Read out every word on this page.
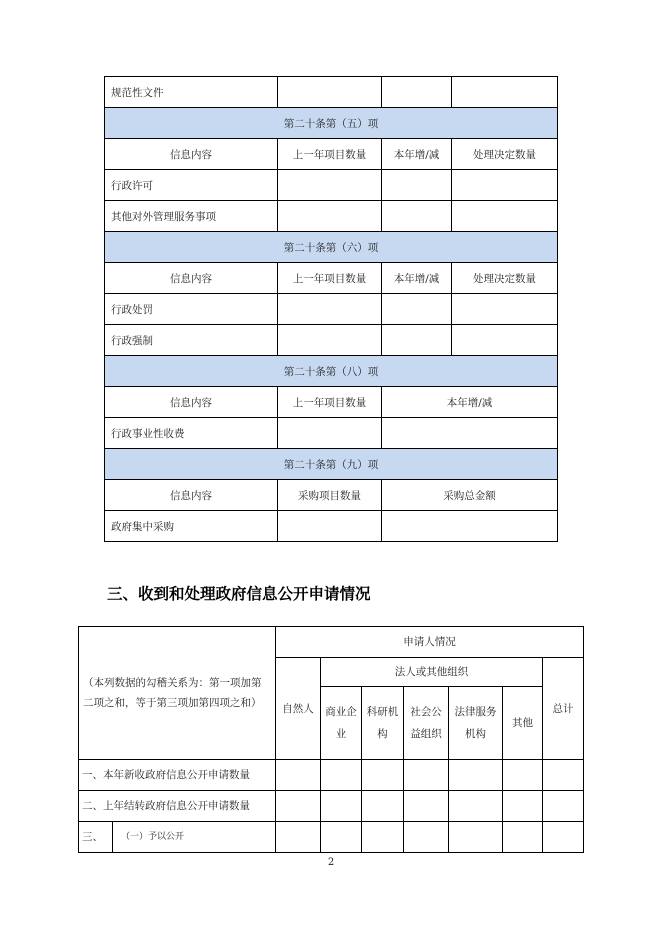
规范性文件			
第二十条第（五）项			
信息内容	上一年项目数量	本年增/减	处理决定数量
行政许可			
其他对外管理服务事项			
第二十条第（六）项			
信息内容	上一年项目数量	本年增/减	处理决定数量
行政处罚			
行政强制			
第二十条第（八）项			
信息内容	上一年项目数量	本年增/减	
行政事业性收费			
第二十条第（九）项			
信息内容	采购项目数量	采购总金额	
政府集中采购			
三、收到和处理政府信息公开申请情况
（本列数据的勾稽关系为：第一项加第二项之和，等于第三项加第四项之和）		申请人情况						
		自然人	法人或其他组织					总计
			商业企业	科研机构	社会公益组织	法律服务机构	其他	
一、本年新收政府信息公开申请数量								
二、上年结转政府信息公开申请数量								
三、	（一）予以公开							
2
